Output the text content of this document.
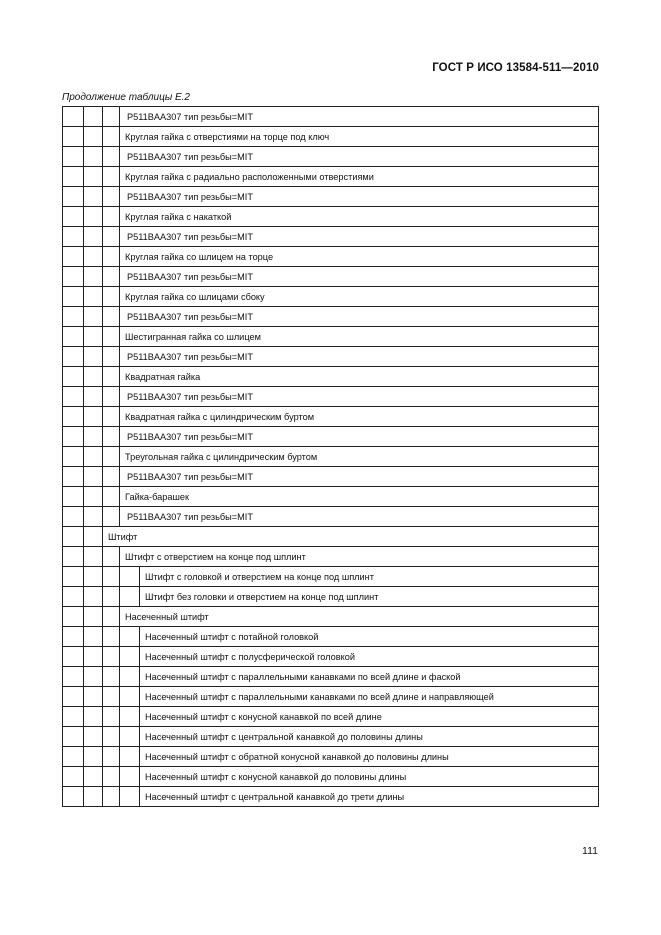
ГОСТ Р ИСО 13584-511—2010
Продолжение таблицы Е.2
			P511BAA307 тип резьбы=MIT	
			Круглая гайка с отверстиями на торце под ключ	
			P511BAA307 тип резьбы=MIT	
			Круглая гайка с радиально расположенными отверстиями	
			P511BAA307 тип резьбы=MIT	
			Круглая гайка с накаткой	
			P511BAA307 тип резьбы=MIT	
			Круглая гайка со шлицем на торце	
			P511BAA307 тип резьбы=MIT	
			Круглая гайка со шлицами сбоку	
			P511BAA307 тип резьбы=MIT	
			Шестигранная гайка со шлицем	
			P511BAA307 тип резьбы=MIT	
			Квадратная гайка	
			P511BAA307 тип резьбы=MIT	
			Квадратная гайка с цилиндрическим буртом	
			P511BAA307 тип резьбы=MIT	
			Треугольная гайка с цилиндрическим буртом	
			P511BAA307 тип резьбы=MIT	
			Гайка-барашек	
			P511BAA307 тип резьбы=MIT	
		Штифт		
			Штифт с отверстием на конце под шплинт	
				Штифт с головкой и отверстием на конце под шплинт
				Штифт без головки и отверстием на конце под шплинт
			Насеченный штифт	
				Насеченный штифт с потайной головкой
				Насеченный штифт с полусферической головкой
				Насеченный штифт с параллельными канавками по всей длине и фаской
				Насеченный штифт с параллельными канавками по всей длине и направляющей
				Насеченный штифт с конусной канавкой по всей длине
				Насеченный штифт с центральной канавкой до половины длины
				Насеченный штифт с обратной конусной канавкой до половины длины
				Насеченный штифт с конусной канавкой до половины длины
				Насеченный штифт с центральной канавкой до трети длины
111
